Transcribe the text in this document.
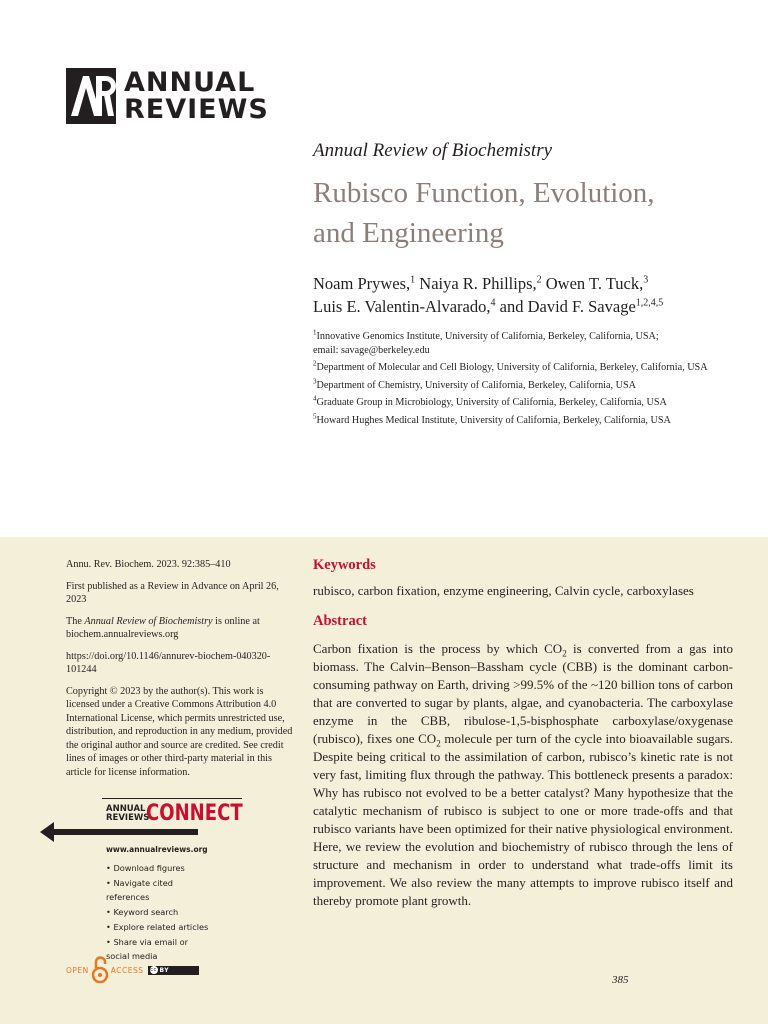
ANNUAL
REVIEWS
Annual Review of Biochemistry
Rubisco Function, Evolution,
and Engineering
Noam Prywes,$^1$ Naiya R. Phillips,$^2$ Owen T. Tuck,$^3$
Luis E. Valentin-Alvarado,$^4$ and David F. Savage$^{1,2,4,5}$
$^1$Innovative Genomics Institute, University of California, Berkeley, California, USA;
email: savage@berkeley.edu
$^2$Department of Molecular and Cell Biology, University of California, Berkeley, California, USA
$^3$Department of Chemistry, University of California, Berkeley, California, USA
$^4$Graduate Group in Microbiology, University of California, Berkeley, California, USA
$^5$Howard Hughes Medical Institute, University of California, Berkeley, California, USA

Annu. Rev. Biochem. 2023. 92:385–410

First published as a Review in Advance on April 26, 2023

The Annual Review of Biochemistry is online at biochem.annualreviews.org

https://doi.org/10.1146/annurev-biochem-040320-101244

Copyright © 2023 by the author(s). This work is licensed under a Creative Commons Attribution 4.0 International License, which permits unrestricted use, distribution, and reproduction in any medium, provided the original author and source are credited. See credit lines of images or other third-party material in this article for license information.

ANNUAL
REVIEWS
CONNECT
www.annualreviews.org
• Download figures
• Navigate cited references
• Keyword search
• Explore related articles
• Share via email or social media
OPEN	ACCESS cc BY
Keywords
rubisco, carbon fixation, enzyme engineering, Calvin cycle, carboxylases
Abstract
Carbon fixation is the process by which $CO_2$ is converted from a gas into biomass. The Calvin–Benson–Bassham cycle (CBB) is the dominant carbon-consuming pathway on Earth, driving >99.5% of the ~120 billion tons of carbon that are converted to sugar by plants, algae, and cyanobacteria. The carboxylase enzyme in the CBB, ribulose-1,5-bisphosphate carboxylase/oxygenase (rubisco), fixes one $CO_2$ molecule per turn of the cycle into bioavailable sugars. Despite being critical to the assimilation of carbon, rubisco’s kinetic rate is not very fast, limiting flux through the pathway. This bottleneck presents a paradox: Why has rubisco not evolved to be a better catalyst? Many hypothesize that the catalytic mechanism of rubisco is subject to one or more trade-offs and that rubisco variants have been optimized for their native physiological environment. Here, we review the evolution and biochemistry of rubisco through the lens of structure and mechanism in order to understand what trade-offs limit its improvement. We also review the many attempts to improve rubisco itself and thereby promote plant growth.
385
